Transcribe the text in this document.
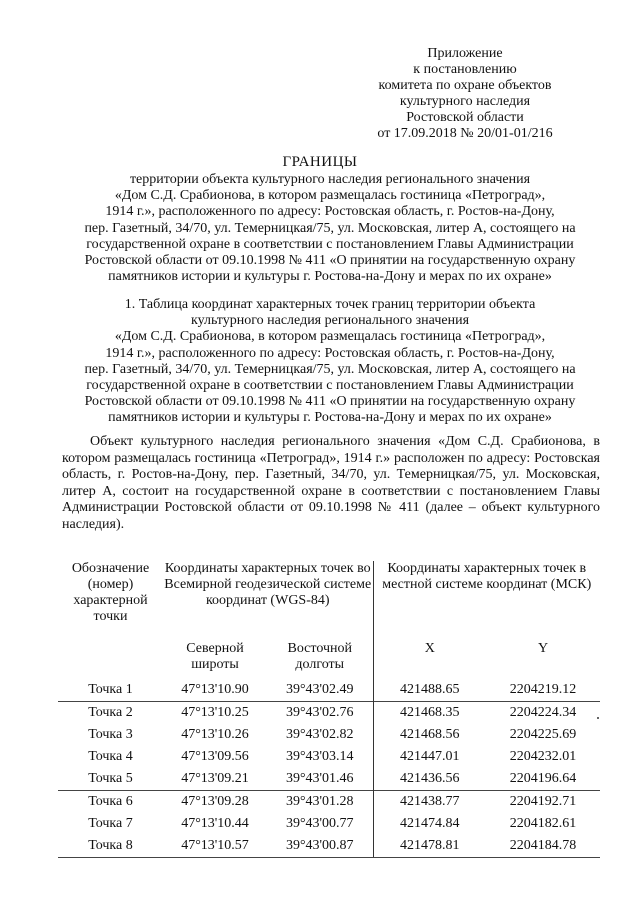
Приложение
к постановлению
комитета по охране объектов
культурного наследия
Ростовской области
от 17.09.2018 № 20/01-01/216
ГРАНИЦЫ
территории объекта культурного наследия регионального значения
«Дом С.Д. Срабионова, в котором размещалась гостиница «Петроград»,
1914 г.», расположенного по адресу: Ростовская область, г. Ростов-на-Дону,
пер. Газетный, 34/70, ул. Темерницкая/75, ул. Московская, литер А, состоящего на
государственной охране в соответствии с постановлением Главы Администрации
Ростовской области от 09.10.1998 № 411 «О принятии на государственную охрану
памятников истории и культуры г. Ростова-на-Дону и мерах по их охране»
1. Таблица координат характерных точек границ территории объекта
культурного наследия регионального значения
«Дом С.Д. Срабионова, в котором размещалась гостиница «Петроград»,
1914 г.», расположенного по адресу: Ростовская область, г. Ростов-на-Дону,
пер. Газетный, 34/70, ул. Темерницкая/75, ул. Московская, литер А, состоящего на
государственной охране в соответствии с постановлением Главы Администрации
Ростовской области от 09.10.1998 № 411 «О принятии на государственную охрану
памятников истории и культуры г. Ростова-на-Дону и мерах по их охране»
Объект культурного наследия регионального значения «Дом С.Д. Срабионова, в котором размещалась гостиница «Петроград», 1914 г.» расположен по адресу: Ростовская область, г. Ростов-на-Дону, пер. Газетный, 34/70, ул. Темерницкая/75, ул. Московская, литер А, состоит на государственной охране в соответствии с постановлением Главы Администрации Ростовской области от 09.10.1998 № 411 (далее – объект культурного наследия).
Обозначение (номер) характерной точки	Координаты характерных точек во Всемирной геодезической системе координат (WGS-84)		Координаты характерных точек в местной системе координат (МСК)	
	Северной широты	Восточной долготы	X	Y
Точка 1	47°13'10.90	39°43'02.49	421488.65	2204219.12
Точка 2	47°13'10.25	39°43'02.76	421468.35	2204224.34
Точка 3	47°13'10.26	39°43'02.82	421468.56	2204225.69
Точка 4	47°13'09.56	39°43'03.14	421447.01	2204232.01
Точка 5	47°13'09.21	39°43'01.46	421436.56	2204196.64
Точка 6	47°13'09.28	39°43'01.28	421438.77	2204192.71
Точка 7	47°13'10.44	39°43'00.77	421474.84	2204182.61
Точка 8	47°13'10.57	39°43'00.87	421478.81	2204184.78
